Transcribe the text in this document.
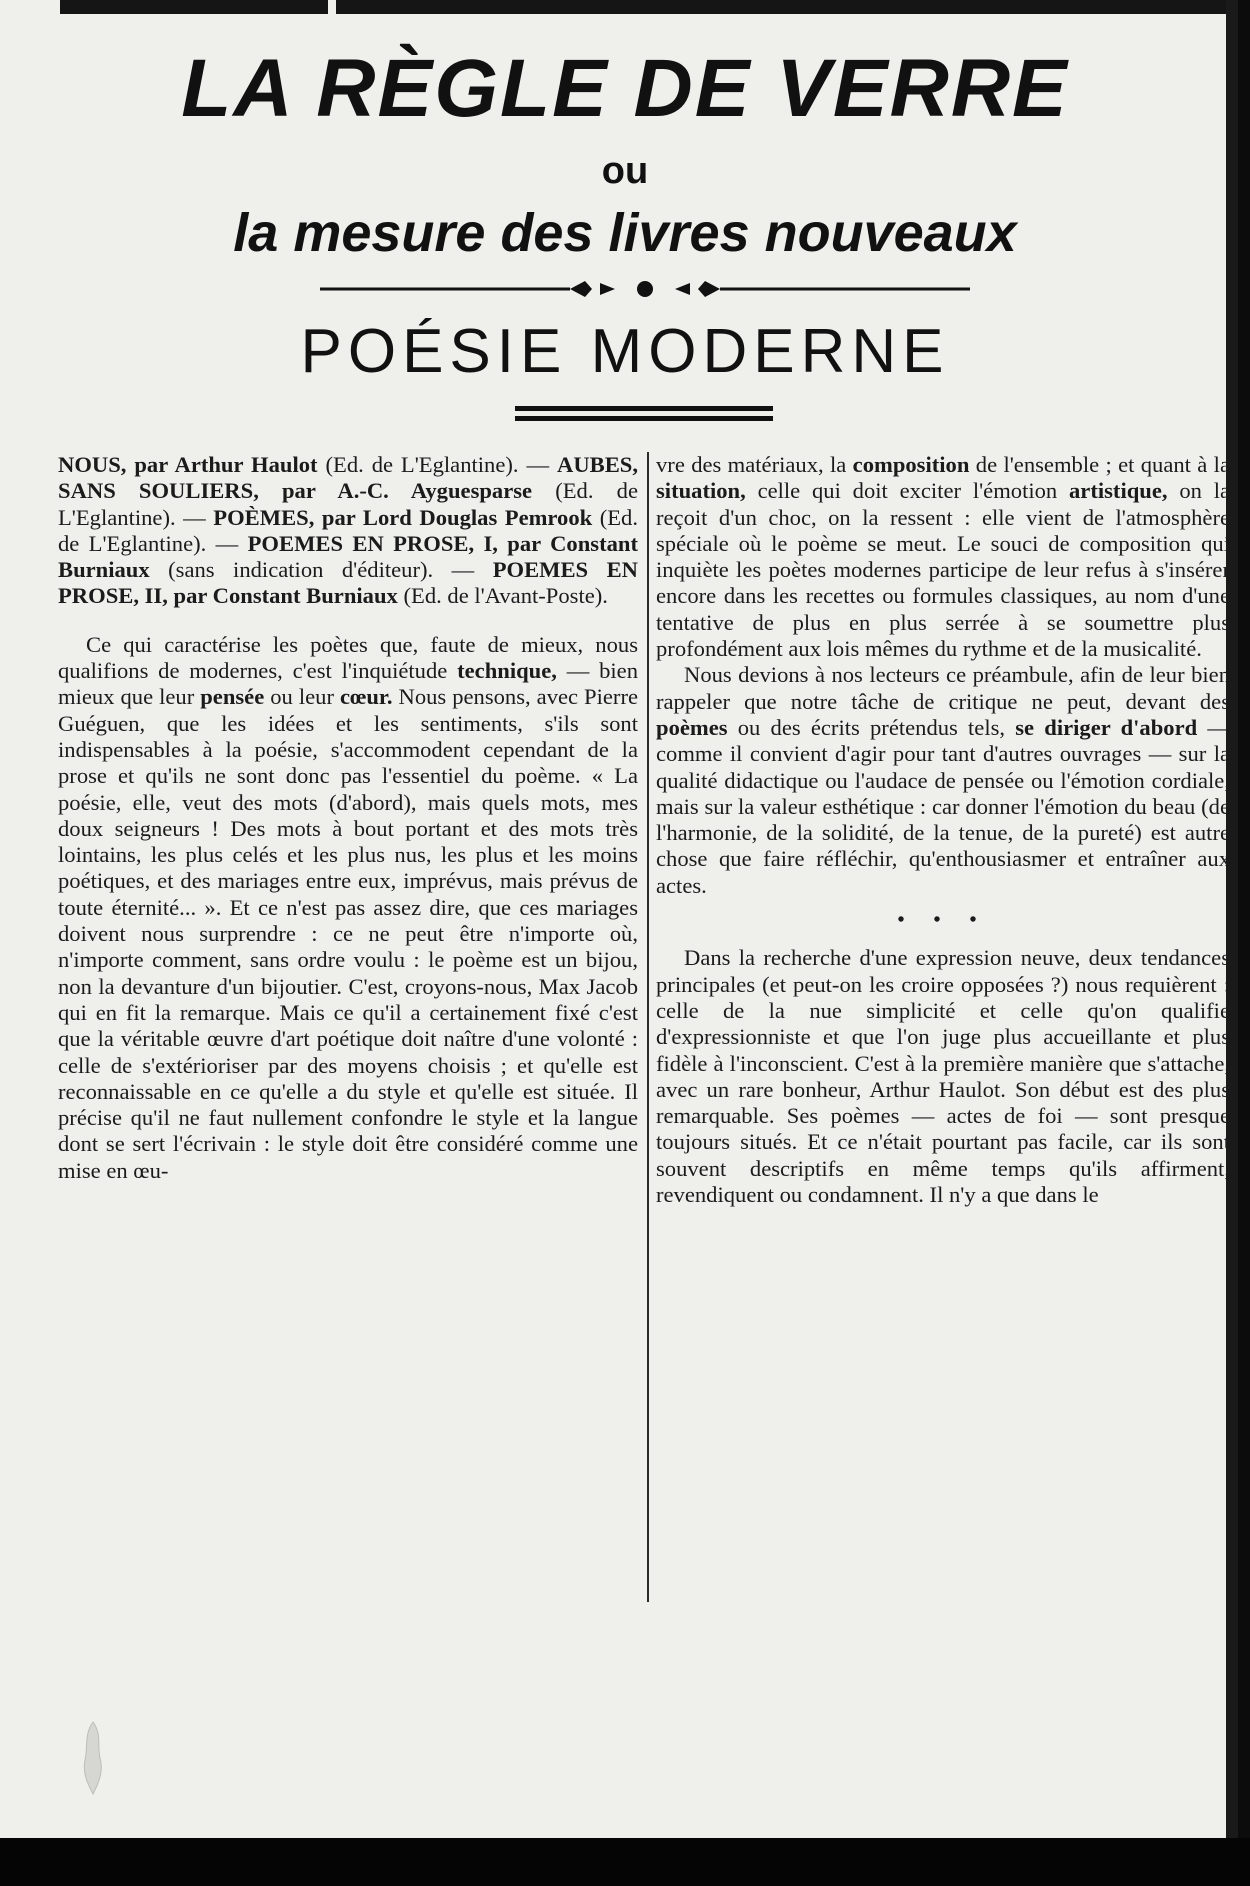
LA RÈGLE DE VERRE
ou
la mesure des livres nouveaux
POÉSIE MODERNE

NOUS, par Arthur Haulot (Ed. de L'Eglantine). — AUBES, SANS SOULIERS, par A.-C. Ayguesparse (Ed. de L'Eglantine). — POÈMES, par Lord Douglas Pemrook (Ed. de L'Eglantine). — POEMES EN PROSE, I, par Constant Burniaux (sans indication d'éditeur). — POEMES EN PROSE, II, par Constant Burniaux (Ed. de l'Avant-Poste).

Ce qui caractérise les poètes que, faute de mieux, nous qualifions de modernes, c'est l'inquiétude technique, — bien mieux que leur pensée ou leur cœur. Nous pensons, avec Pierre Guéguen, que les idées et les sentiments, s'ils sont indispensables à la poésie, s'accommodent cependant de la prose et qu'ils ne sont donc pas l'essentiel du poème. « La poésie, elle, veut des mots (d'abord), mais quels mots, mes doux seigneurs ! Des mots à bout portant et des mots très lointains, les plus celés et les plus nus, les plus et les moins poétiques, et des mariages entre eux, imprévus, mais prévus de toute éternité... ». Et ce n'est pas assez dire, que ces mariages doivent nous surprendre : ce ne peut être n'importe où, n'importe comment, sans ordre voulu : le poème est un bijou, non la devanture d'un bijoutier. C'est, croyons-nous, Max Jacob qui en fit la remarque. Mais ce qu'il a certainement fixé c'est que la véritable œuvre d'art poétique doit naître d'une volonté : celle de s'extérioriser par des moyens choisis ; et qu'elle est reconnaissable en ce qu'elle a du style et qu'elle est située. Il précise qu'il ne faut nullement confondre le style et la langue dont se sert l'écrivain : le style doit être considéré comme une mise en œu-

vre des matériaux, la composition de l'ensemble ; et quant à la situation, celle qui doit exciter l'émotion artistique, on la reçoit d'un choc, on la ressent : elle vient de l'atmosphère spéciale où le poème se meut. Le souci de composition qui inquiète les poètes modernes participe de leur refus à s'insérer encore dans les recettes ou formules classiques, au nom d'une tentative de plus en plus serrée à se soumettre plus profondément aux lois mêmes du rythme et de la musicalité.

Nous devions à nos lecteurs ce préambule, afin de leur bien rappeler que notre tâche de critique ne peut, devant des poèmes ou des écrits prétendus tels, se diriger d'abord — comme il convient d'agir pour tant d'autres ouvrages — sur la qualité didactique ou l'audace de pensée ou l'émotion cordiale, mais sur la valeur esthétique : car donner l'émotion du beau (de l'harmonie, de la solidité, de la tenue, de la pureté) est autre chose que faire réfléchir, qu'enthousiasmer et entraîner aux actes.

• • •

Dans la recherche d'une expression neuve, deux tendances principales (et peut-on les croire opposées ?) nous requièrent : celle de la nue simplicité et celle qu'on qualifie d'expressionniste et que l'on juge plus accueillante et plus fidèle à l'inconscient. C'est à la première manière que s'attache, avec un rare bonheur, Arthur Haulot. Son début est des plus remarquable. Ses poèmes — actes de foi — sont presque toujours situés. Et ce n'était pourtant pas facile, car ils sont souvent descriptifs en même temps qu'ils affirment, revendiquent ou condamnent. Il n'y a que dans le
